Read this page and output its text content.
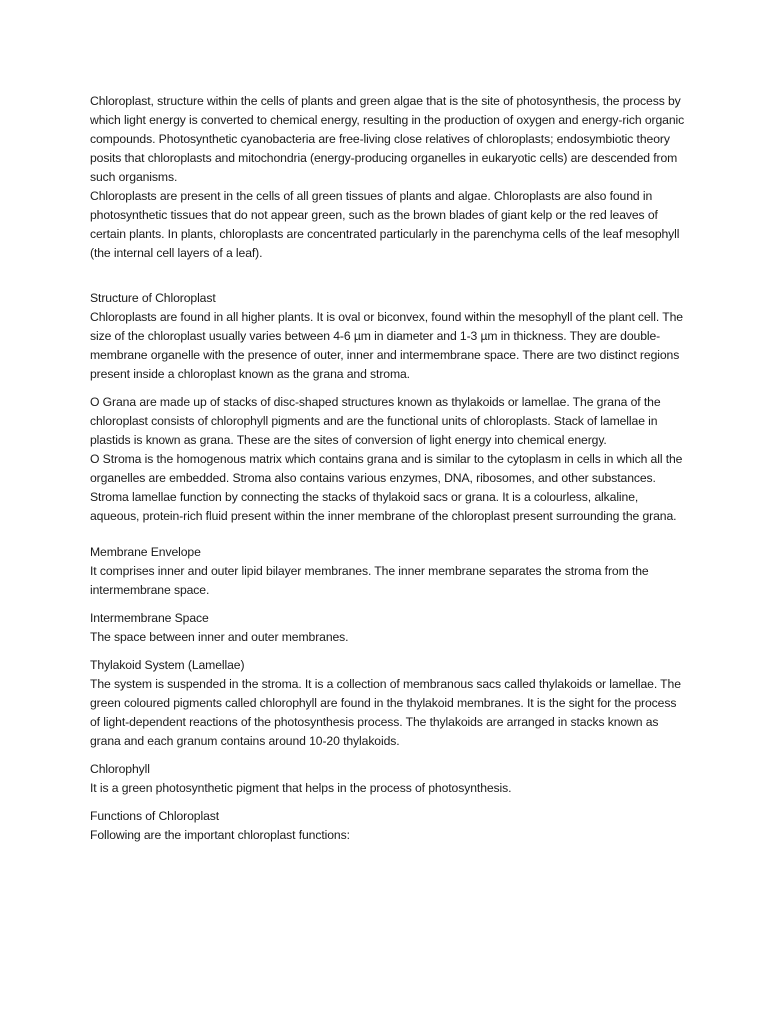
Chloroplast, structure within the cells of plants and green algae that is the site of photosynthesis, the process by which light energy is converted to chemical energy, resulting in the production of oxygen and energy-rich organic compounds. Photosynthetic cyanobacteria are free-living close relatives of chloroplasts; endosymbiotic theory posits that chloroplasts and mitochondria (energy-producing organelles in eukaryotic cells) are descended from such organisms.

Chloroplasts are present in the cells of all green tissues of plants and algae. Chloroplasts are also found in photosynthetic tissues that do not appear green, such as the brown blades of giant kelp or the red leaves of certain plants. In plants, chloroplasts are concentrated particularly in the parenchyma cells of the leaf mesophyll (the internal cell layers of a leaf).

Structure of Chloroplast

Chloroplasts are found in all higher plants. It is oval or biconvex, found within the mesophyll of the plant cell. The size of the chloroplast usually varies between 4-6 µm in diameter and 1-3 µm in thickness. They are double-membrane organelle with the presence of outer, inner and intermembrane space. There are two distinct regions present inside a chloroplast known as the grana and stroma.

O Grana are made up of stacks of disc-shaped structures known as thylakoids or lamellae. The grana of the chloroplast consists of chlorophyll pigments and are the functional units of chloroplasts. Stack of lamellae in plastids is known as grana. These are the sites of conversion of light energy into chemical energy.

O Stroma is the homogenous matrix which contains grana and is similar to the cytoplasm in cells in which all the organelles are embedded. Stroma also contains various enzymes, DNA, ribosomes, and other substances. Stroma lamellae function by connecting the stacks of thylakoid sacs or grana. It is a colourless, alkaline, aqueous, protein-rich fluid present within the inner membrane of the chloroplast present surrounding the grana.

Membrane Envelope

It comprises inner and outer lipid bilayer membranes. The inner membrane separates the stroma from the intermembrane space.

Intermembrane Space

The space between inner and outer membranes.

Thylakoid System (Lamellae)

The system is suspended in the stroma. It is a collection of membranous sacs called thylakoids or lamellae. The green coloured pigments called chlorophyll are found in the thylakoid membranes. It is the sight for the process of light-dependent reactions of the photosynthesis process. The thylakoids are arranged in stacks known as grana and each granum contains around 10-20 thylakoids.

Chlorophyll

It is a green photosynthetic pigment that helps in the process of photosynthesis.

Functions of Chloroplast

Following are the important chloroplast functions:
